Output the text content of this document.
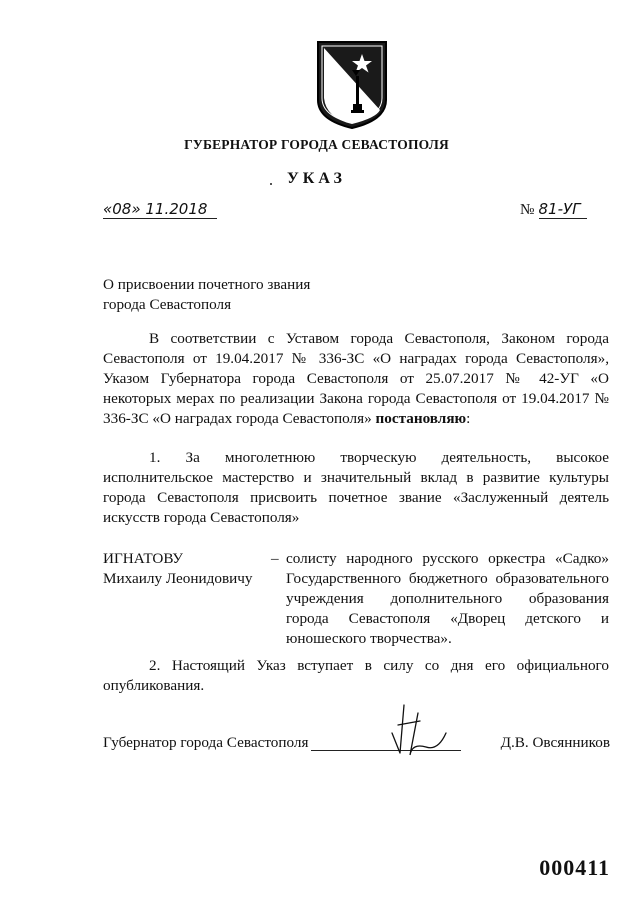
ГУБЕРНАТОР ГОРОДА СЕВАСТОПОЛЯ
УКАЗ
«08» 11.2018	№ 81-УГ
О присвоении почетного звания
города Севастополя
В соответствии с Уставом города Севастополя, Законом города Севастополя от 19.04.2017 № 336-ЗС «О наградах города Севастополя», Указом Губернатора города Севастополя от 25.07.2017 № 42-УГ «О некоторых мерах по реализации Закона города Севастополя от 19.04.2017 № 336-ЗС «О наградах города Севастополя» постановляю:
1. За многолетнюю творческую деятельность, высокое исполнительское мастерство и значительный вклад в развитие культуры города Севастополя присвоить почетное звание «Заслуженный деятель искусств города Севастополя»
ИГНАТОВУ
Михаилу Леонидовичу
– солисту народного русского оркестра «Садко» Государственного бюджетного образовательного учреждения дополнительного образования города Севастополя «Дворец детского и юношеского творчества».
2. Настоящий Указ вступает в силу со дня его официального опубликования.
Губернатор города Севастополя	Д.В. Овсянников
000411
